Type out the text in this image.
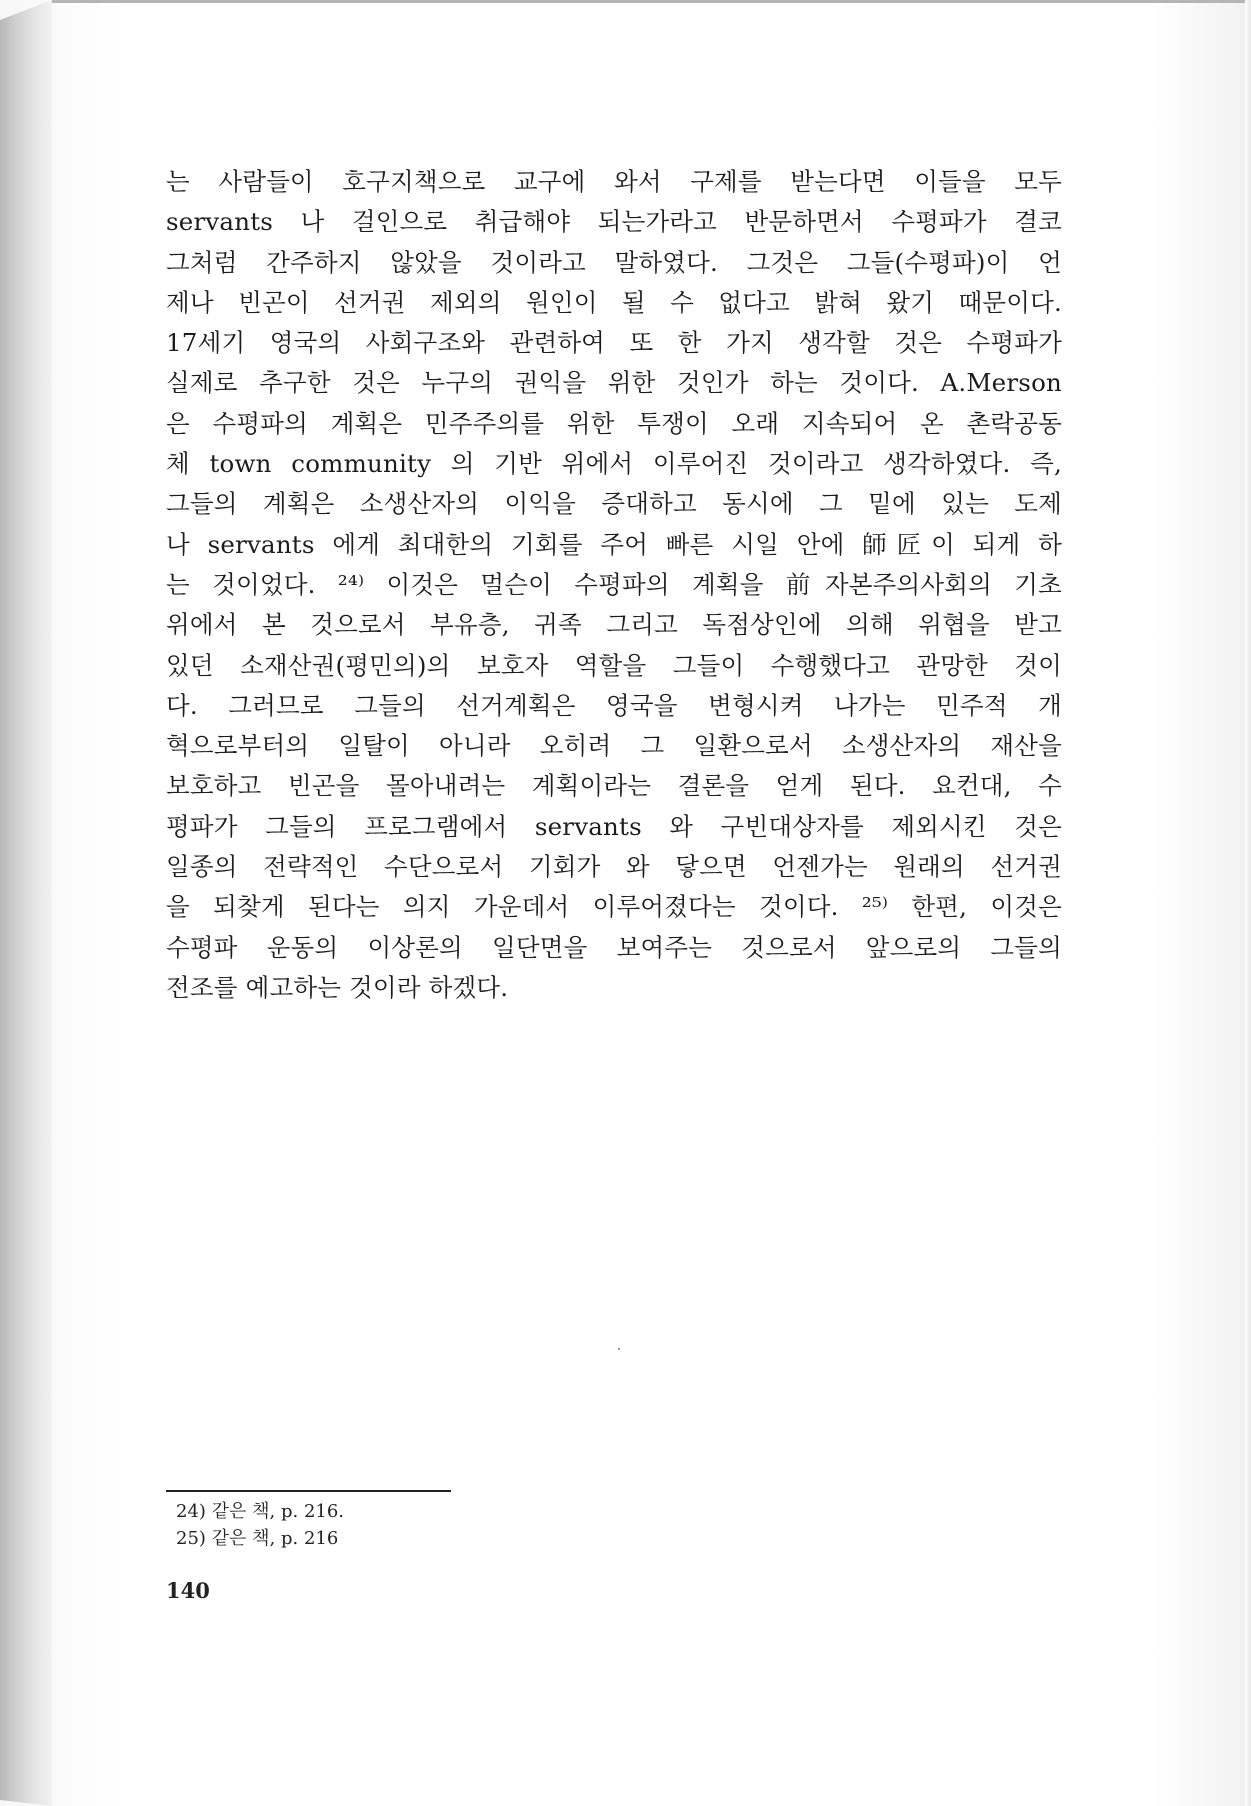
는 사람들이 호구지책으로 교구에 와서 구제를 받는다면 이들을 모두
servants 나 걸인으로 취급해야 되는가라고 반문하면서 수평파가 결코
그처럼 간주하지 않았을 것이라고 말하였다. 그것은 그들(수평파)이 언
제나 빈곤이 선거권 제외의 원인이 될 수 없다고 밝혀 왔기 때문이다.
17세기 영국의 사회구조와 관련하여 또 한 가지 생각할 것은 수평파가
실제로 추구한 것은 누구의 권익을 위한 것인가 하는 것이다. A.Merson
은 수평파의 계획은 민주주의를 위한 투쟁이 오래 지속되어 온 촌락공동
체 town community 의 기반 위에서 이루어진 것이라고 생각하였다. 즉,
그들의 계획은 소생산자의 이익을 증대하고 동시에 그 밑에 있는 도제
나 servants 에게 최대한의 기회를 주어 빠른 시일 안에 師匠이 되게 하
는 것이었다. ²⁴⁾ 이것은 멀슨이 수평파의 계획을 前자본주의사회의 기초
위에서 본 것으로서 부유층, 귀족 그리고 독점상인에 의해 위협을 받고
있던 소재산권(평민의)의 보호자 역할을 그들이 수행했다고 관망한 것이
다. 그러므로 그들의 선거계획은 영국을 변형시켜 나가는 민주적 개
혁으로부터의 일탈이 아니라 오히려 그 일환으로서 소생산자의 재산을
보호하고 빈곤을 몰아내려는 계획이라는 결론을 얻게 된다. 요컨대, 수
평파가 그들의 프로그램에서 servants 와 구빈대상자를 제외시킨 것은
일종의 전략적인 수단으로서 기회가 와 닿으면 언젠가는 원래의 선거권
을 되찾게 된다는 의지 가운데서 이루어졌다는 것이다. ²⁵⁾ 한편, 이것은
수평파 운동의 이상론의 일단면을 보여주는 것으로서 앞으로의 그들의
전조를 예고하는 것이라 하겠다.
24) 같은 책, p. 216.
25) 같은 책, p. 216
140
